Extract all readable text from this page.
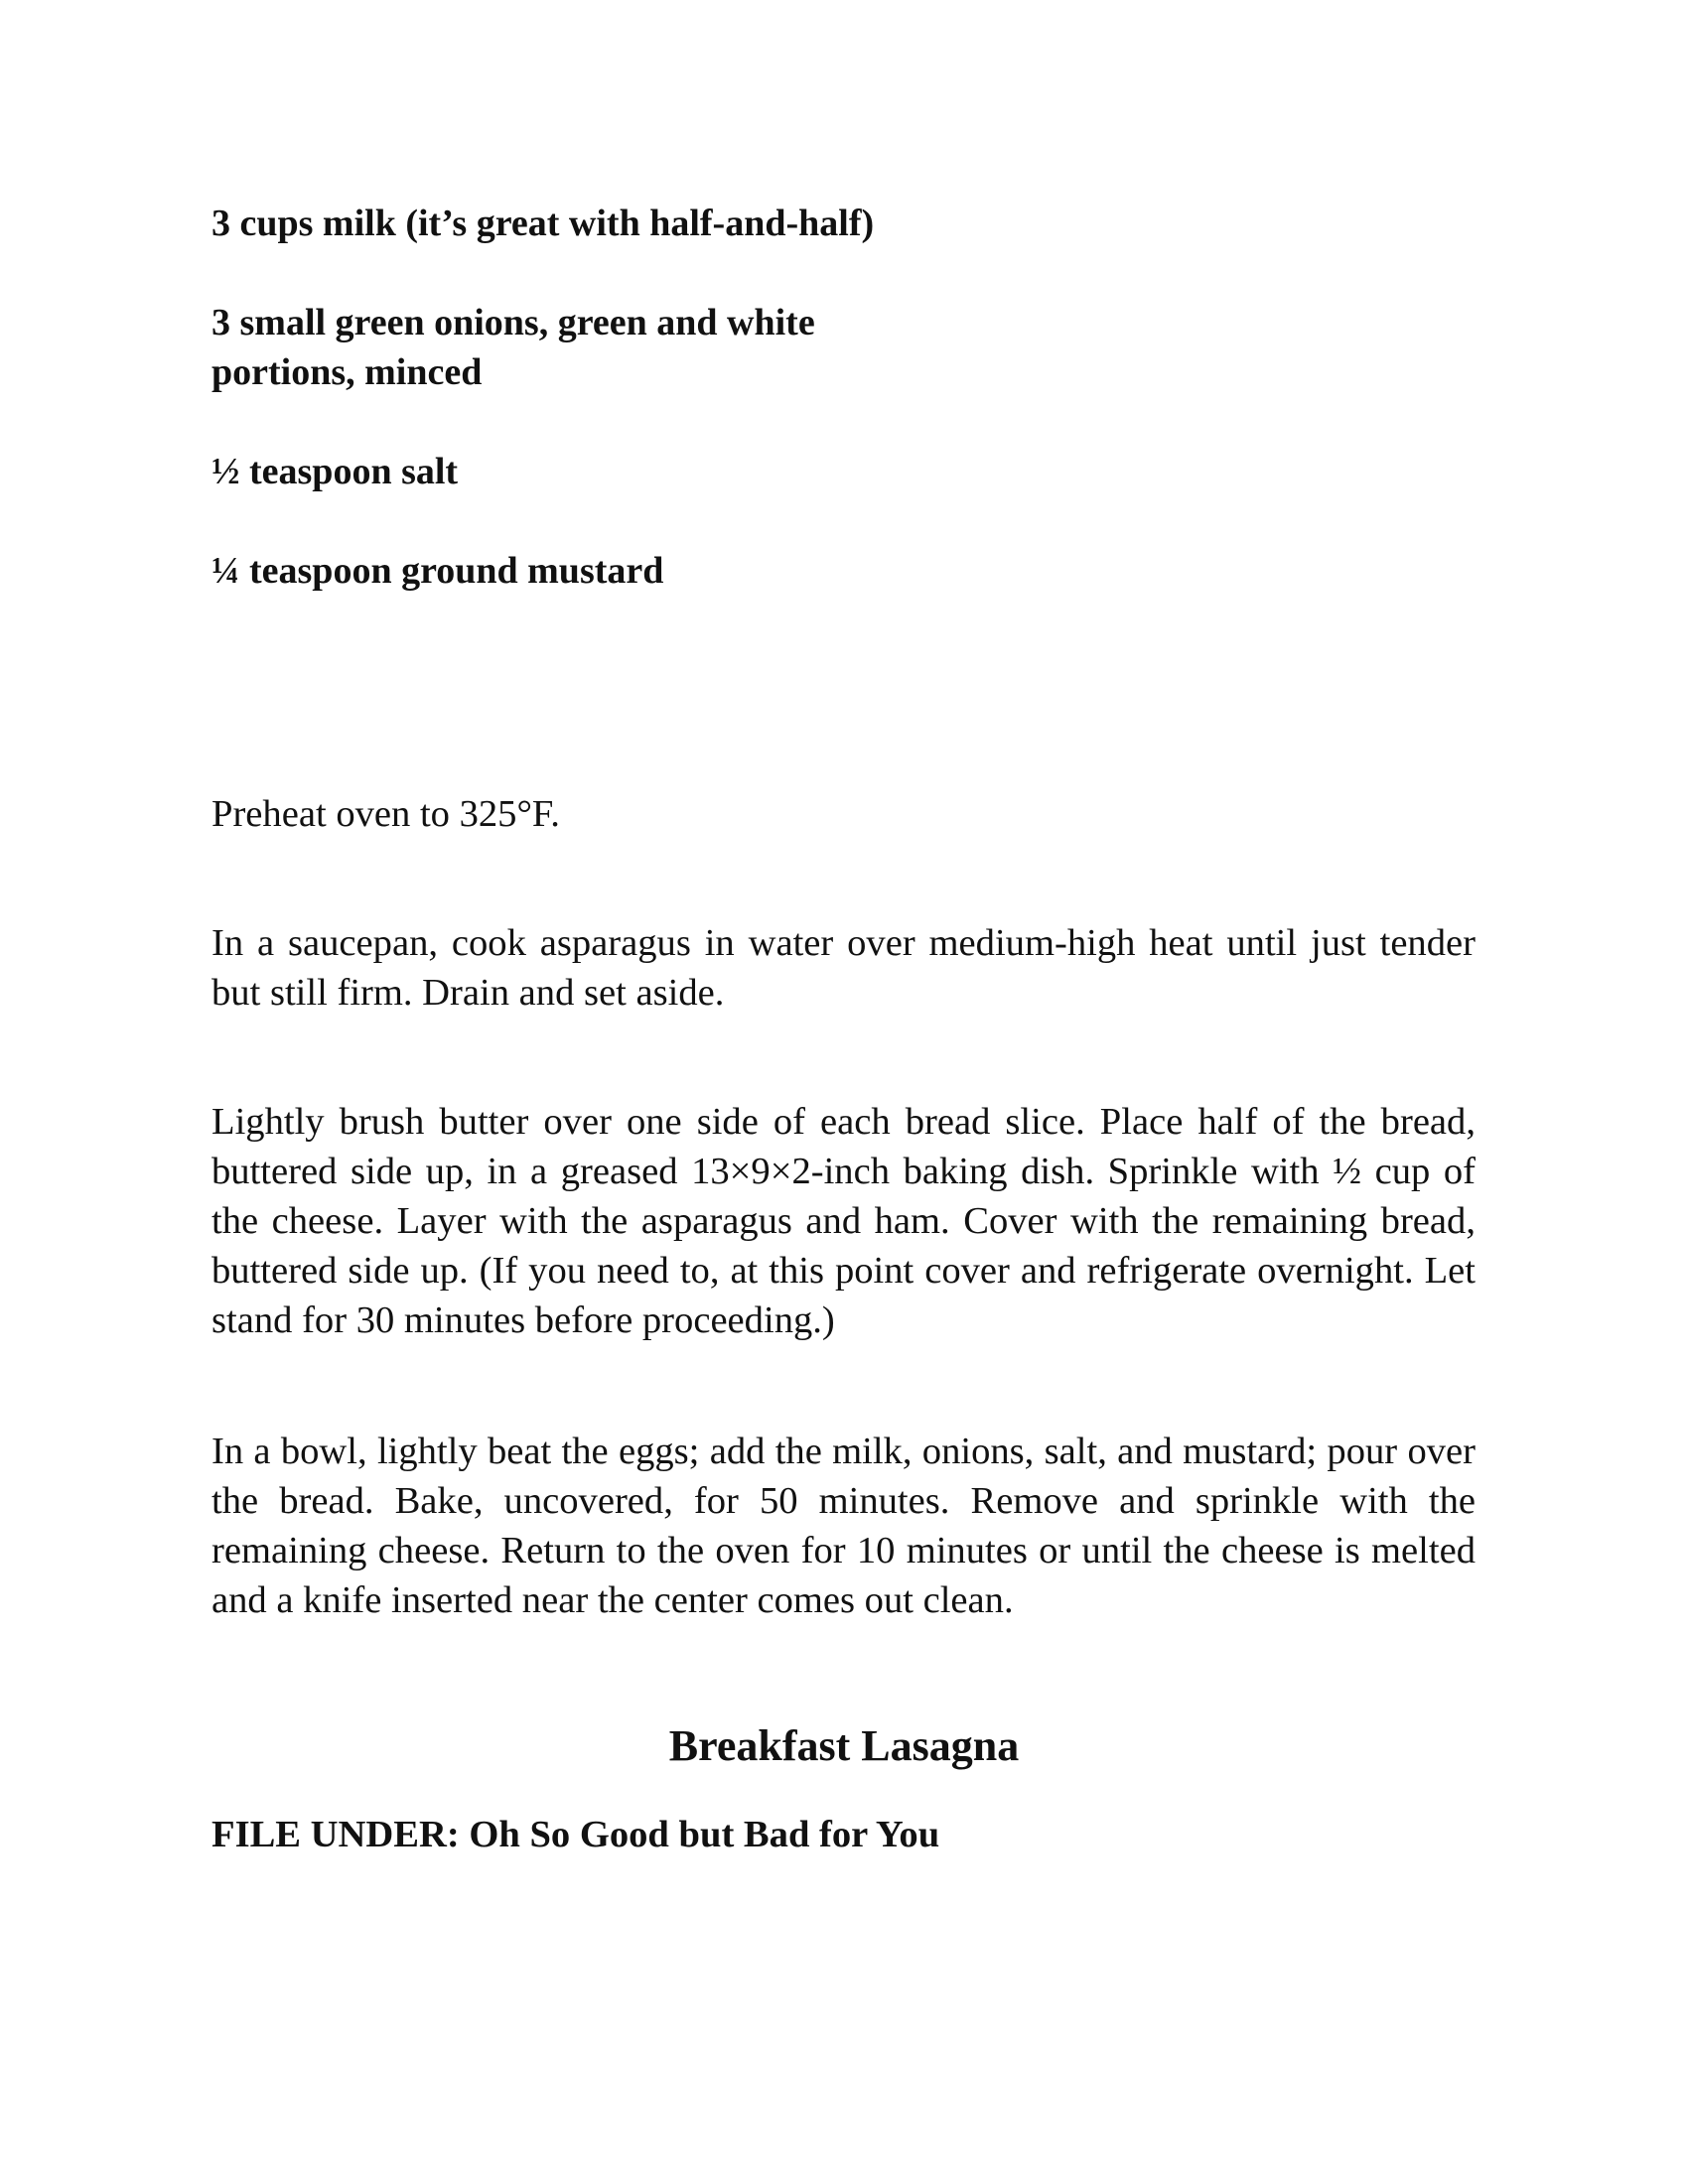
3 cups milk (it’s great with half-and-half)

3 small green onions, green and white portions, minced

½ teaspoon salt

¼ teaspoon ground mustard

Preheat oven to 325°F.

In a saucepan, cook asparagus in water over medium-high heat until just tender but still firm. Drain and set aside.

Lightly brush butter over one side of each bread slice. Place half of the bread, buttered side up, in a greased 13×9×2-inch baking dish. Sprinkle with ½ cup of the cheese. Layer with the asparagus and ham. Cover with the remaining bread, buttered side up. (If you need to, at this point cover and refrigerate overnight. Let stand for 30 minutes before proceeding.)

In a bowl, lightly beat the eggs; add the milk, onions, salt, and mustard; pour over the bread. Bake, uncovered, for 50 minutes. Remove and sprinkle with the remaining cheese. Return to the oven for 10 minutes or until the cheese is melted and a knife inserted near the center comes out clean.

Breakfast Lasagna

FILE UNDER: Oh So Good but Bad for You
